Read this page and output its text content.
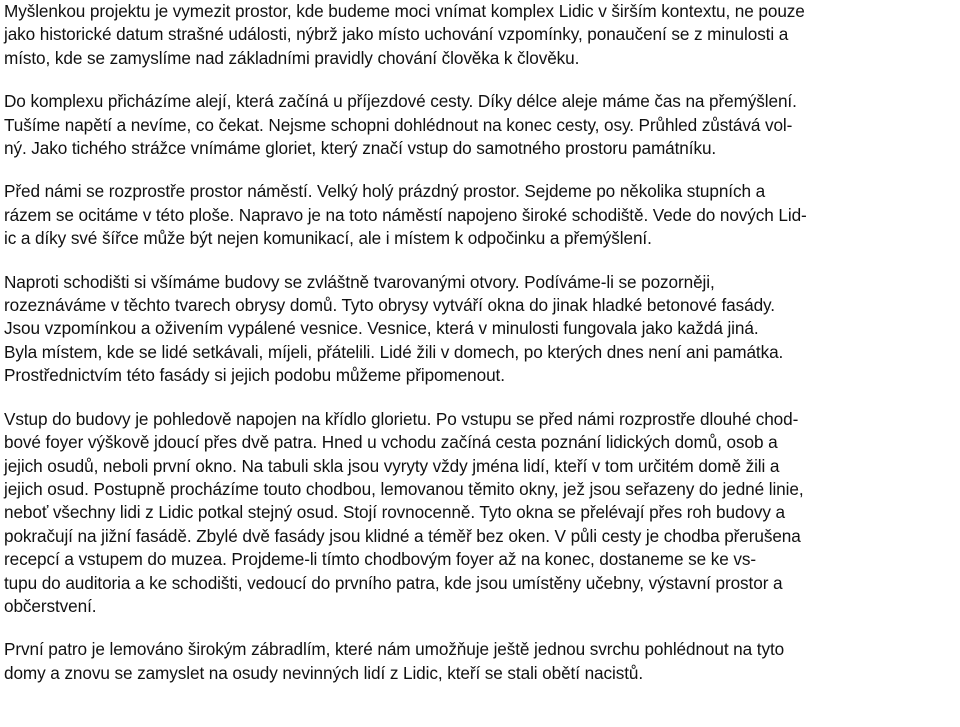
Myšlenkou projektu je vymezit prostor, kde budeme moci vnímat komplex Lidic v širším kontextu, ne pouze
jako historické datum strašné události, nýbrž jako místo uchování vzpomínky, ponaučení se z minulosti a
místo, kde se zamyslíme nad základními pravidly chování člověka k člověku.

Do komplexu přicházíme alejí, která začíná u příjezdové cesty. Díky délce aleje máme čas na přemýšlení.
Tušíme napětí a nevíme, co čekat. Nejsme schopni dohlédnout na konec cesty, osy. Průhled zůstává vol-
ný. Jako tichého strážce vnímáme gloriet, který značí vstup do samotného prostoru památníku.

Před námi se rozprostře prostor náměstí. Velký holý prázdný prostor. Sejdeme po několika stupních a
rázem se ocitáme v této ploše. Napravo je na toto náměstí napojeno široké schodiště. Vede do nových Lid-
ic a díky své šířce může být nejen komunikací, ale i místem k odpočinku a přemýšlení.

Naproti schodišti si všímáme budovy se zvláštně tvarovanými otvory. Podíváme-li se pozorněji,
rozeznáváme v těchto tvarech obrysy domů. Tyto obrysy vytváří okna do jinak hladké betonové fasády.
Jsou vzpomínkou a oživením vypálené vesnice. Vesnice, která v minulosti fungovala jako každá jiná.
Byla místem, kde se lidé setkávali, míjeli, přátelili. Lidé žili v domech, po kterých dnes není ani památka.
Prostřednictvím této fasády si jejich podobu můžeme připomenout.

Vstup do budovy je pohledově napojen na křídlo glorietu. Po vstupu se před námi rozprostře dlouhé chod-
bové foyer výškově jdoucí přes dvě patra. Hned u vchodu začíná cesta poznání lidických domů, osob a
jejich osudů, neboli první okno. Na tabuli skla jsou vyryty vždy jména lidí, kteří v tom určitém domě žili a
jejich osud. Postupně procházíme touto chodbou, lemovanou těmito okny, jež jsou seřazeny do jedné linie,
neboť všechny lidi z Lidic potkal stejný osud. Stojí rovnocenně. Tyto okna se přelévají přes roh budovy a
pokračují na jižní fasádě. Zbylé dvě fasády jsou klidné a téměř bez oken. V půli cesty je chodba přerušena
recepcí a vstupem do muzea. Projdeme-li tímto chodbovým foyer až na konec, dostaneme se ke vs-
tupu do auditoria a ke schodišti, vedoucí do prvního patra, kde jsou umístěny učebny, výstavní prostor a
občerstvení.

První patro je lemováno širokým zábradlím, které nám umožňuje ještě jednou svrchu pohlédnout na tyto
domy a znovu se zamyslet na osudy nevinných lidí z Lidic, kteří se stali obětí nacistů.
